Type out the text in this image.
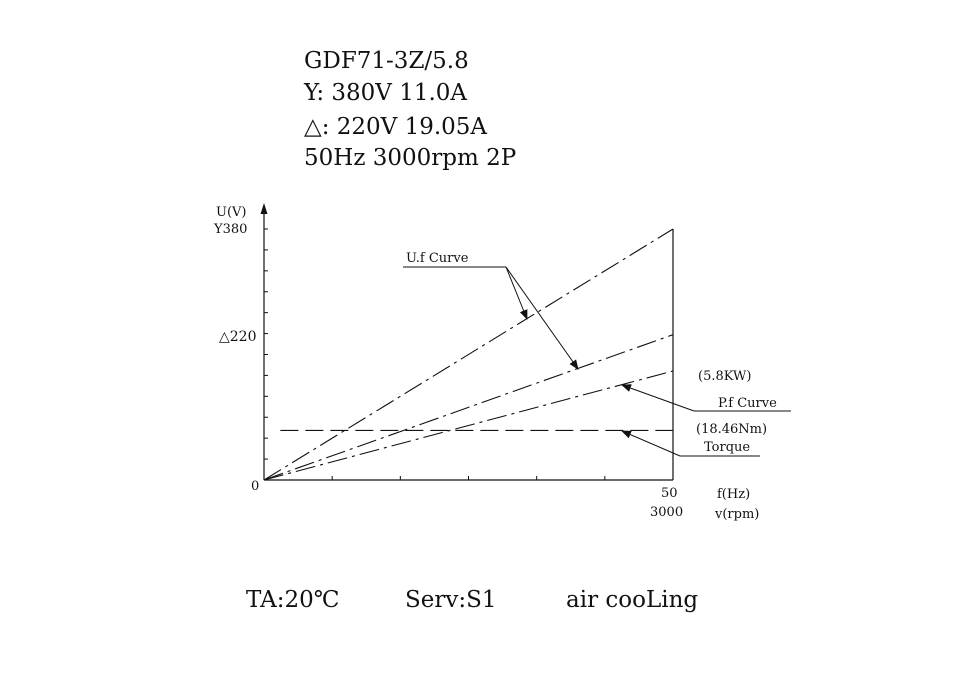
GDF71-3Z/5.8
Y: 380V 11.0A
△: 220V 19.05A
50Hz 3000rpm 2P
U(V)
Y380
△220
0	50
3000
f(Hz)
v(rpm)
U.f Curve
(5.8KW)
P.f Curve
(18.46Nm)
Torque
TA:20℃	Serv:S1	air cooLing
